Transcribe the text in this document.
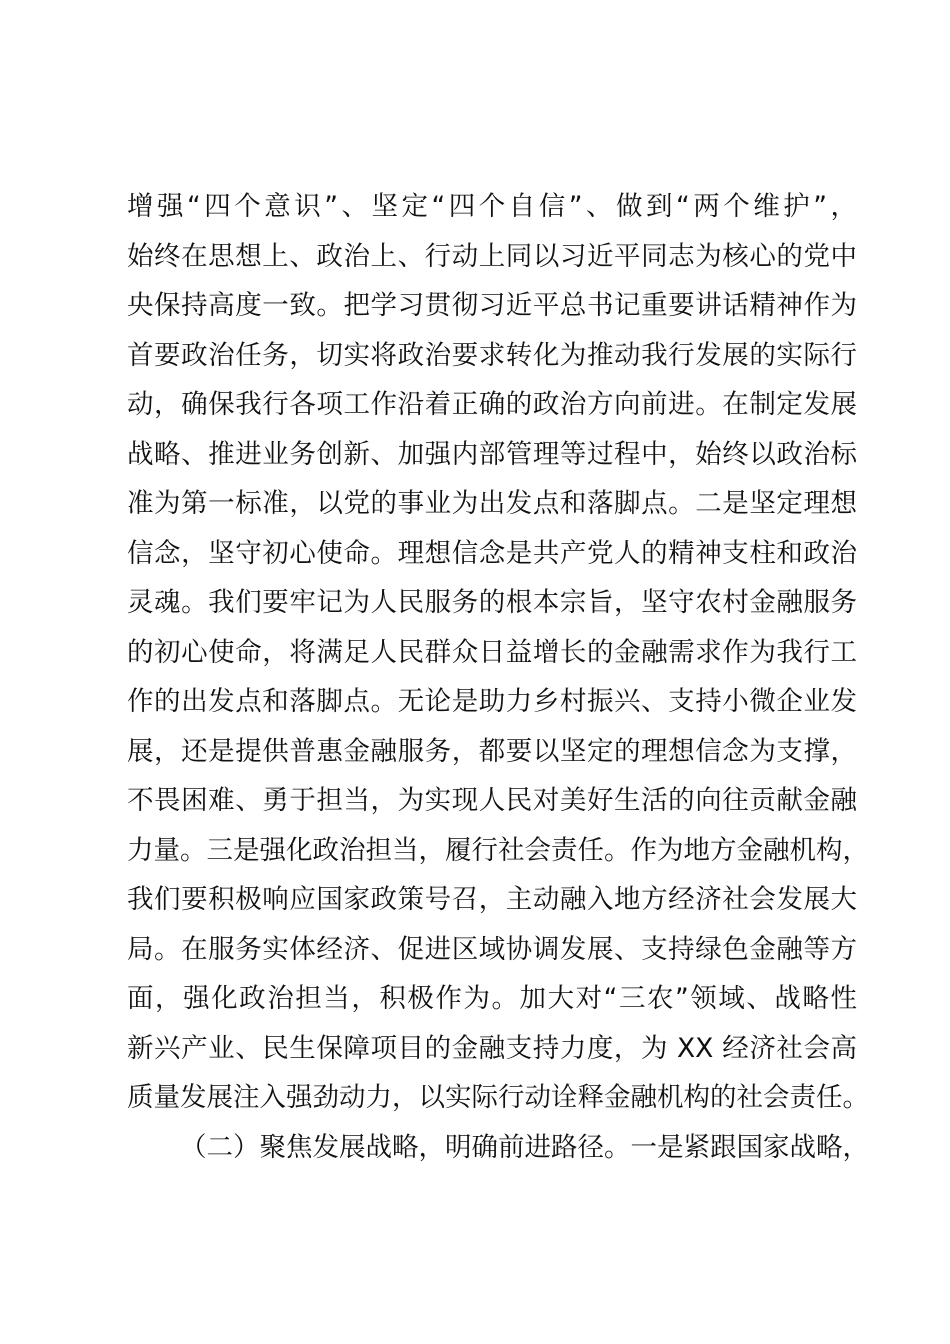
增强“四个意识”、坚定“四个自信”、做到“两个维护”，
始终在思想上、政治上、行动上同以习近平同志为核心的党中
央保持高度一致。把学习贯彻习近平总书记重要讲话精神作为
首要政治任务，切实将政治要求转化为推动我行发展的实际行
动，确保我行各项工作沿着正确的政治方向前进。在制定发展
战略、推进业务创新、加强内部管理等过程中，始终以政治标
准为第一标准，以党的事业为出发点和落脚点。二是坚定理想
信念，坚守初心使命。理想信念是共产党人的精神支柱和政治
灵魂。我们要牢记为人民服务的根本宗旨，坚守农村金融服务
的初心使命，将满足人民群众日益增长的金融需求作为我行工
作的出发点和落脚点。无论是助力乡村振兴、支持小微企业发
展，还是提供普惠金融服务，都要以坚定的理想信念为支撑，
不畏困难、勇于担当，为实现人民对美好生活的向往贡献金融
力量。三是强化政治担当，履行社会责任。作为地方金融机构，
我们要积极响应国家政策号召，主动融入地方经济社会发展大
局。在服务实体经济、促进区域协调发展、支持绿色金融等方
面，强化政治担当，积极作为。加大对“三农”领域、战略性
新兴产业、民生保障项目的金融支持力度，为 XX 经济社会高
质量发展注入强劲动力，以实际行动诠释金融机构的社会责任。
（二）聚焦发展战略，明确前进路径。一是紧跟国家战略，
